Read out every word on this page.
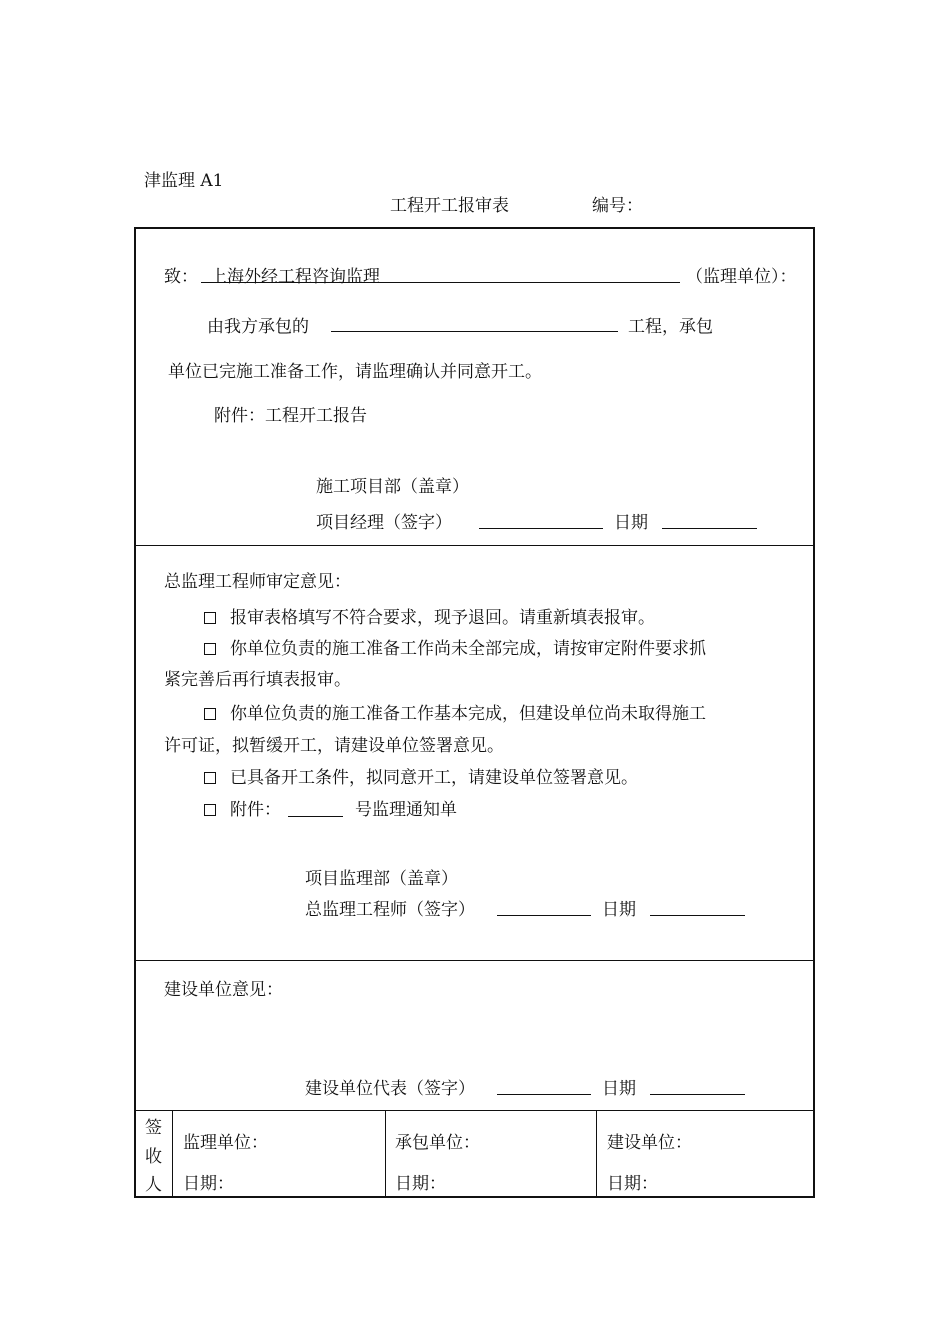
津监理 A1
工程开工报审表	编号：
致： 上海外经工程咨询监理	（监理单位）：
由我方承包的	工程，承包
单位已完施工准备工作，请监理确认并同意开工。
附件：工程开工报告
施工项目部（盖章）
项目经理（签字）	日期
总监理工程师审定意见：
报审表格填写不符合要求，现予退回。请重新填表报审。
你单位负责的施工准备工作尚未全部完成，请按审定附件要求抓
紧完善后再行填表报审。
你单位负责的施工准备工作基本完成，但建设单位尚未取得施工
许可证，拟暂缓开工，请建设单位签署意见。
已具备开工条件，拟同意开工，请建设单位签署意见。
附件：	号监理通知单
项目监理部（盖章）
总监理工程师（签字）	日期
建设单位意见：
建设单位代表（签字）	日期
签
收
人
监理单位：
日期：
承包单位：
日期：
建设单位：
日期：
